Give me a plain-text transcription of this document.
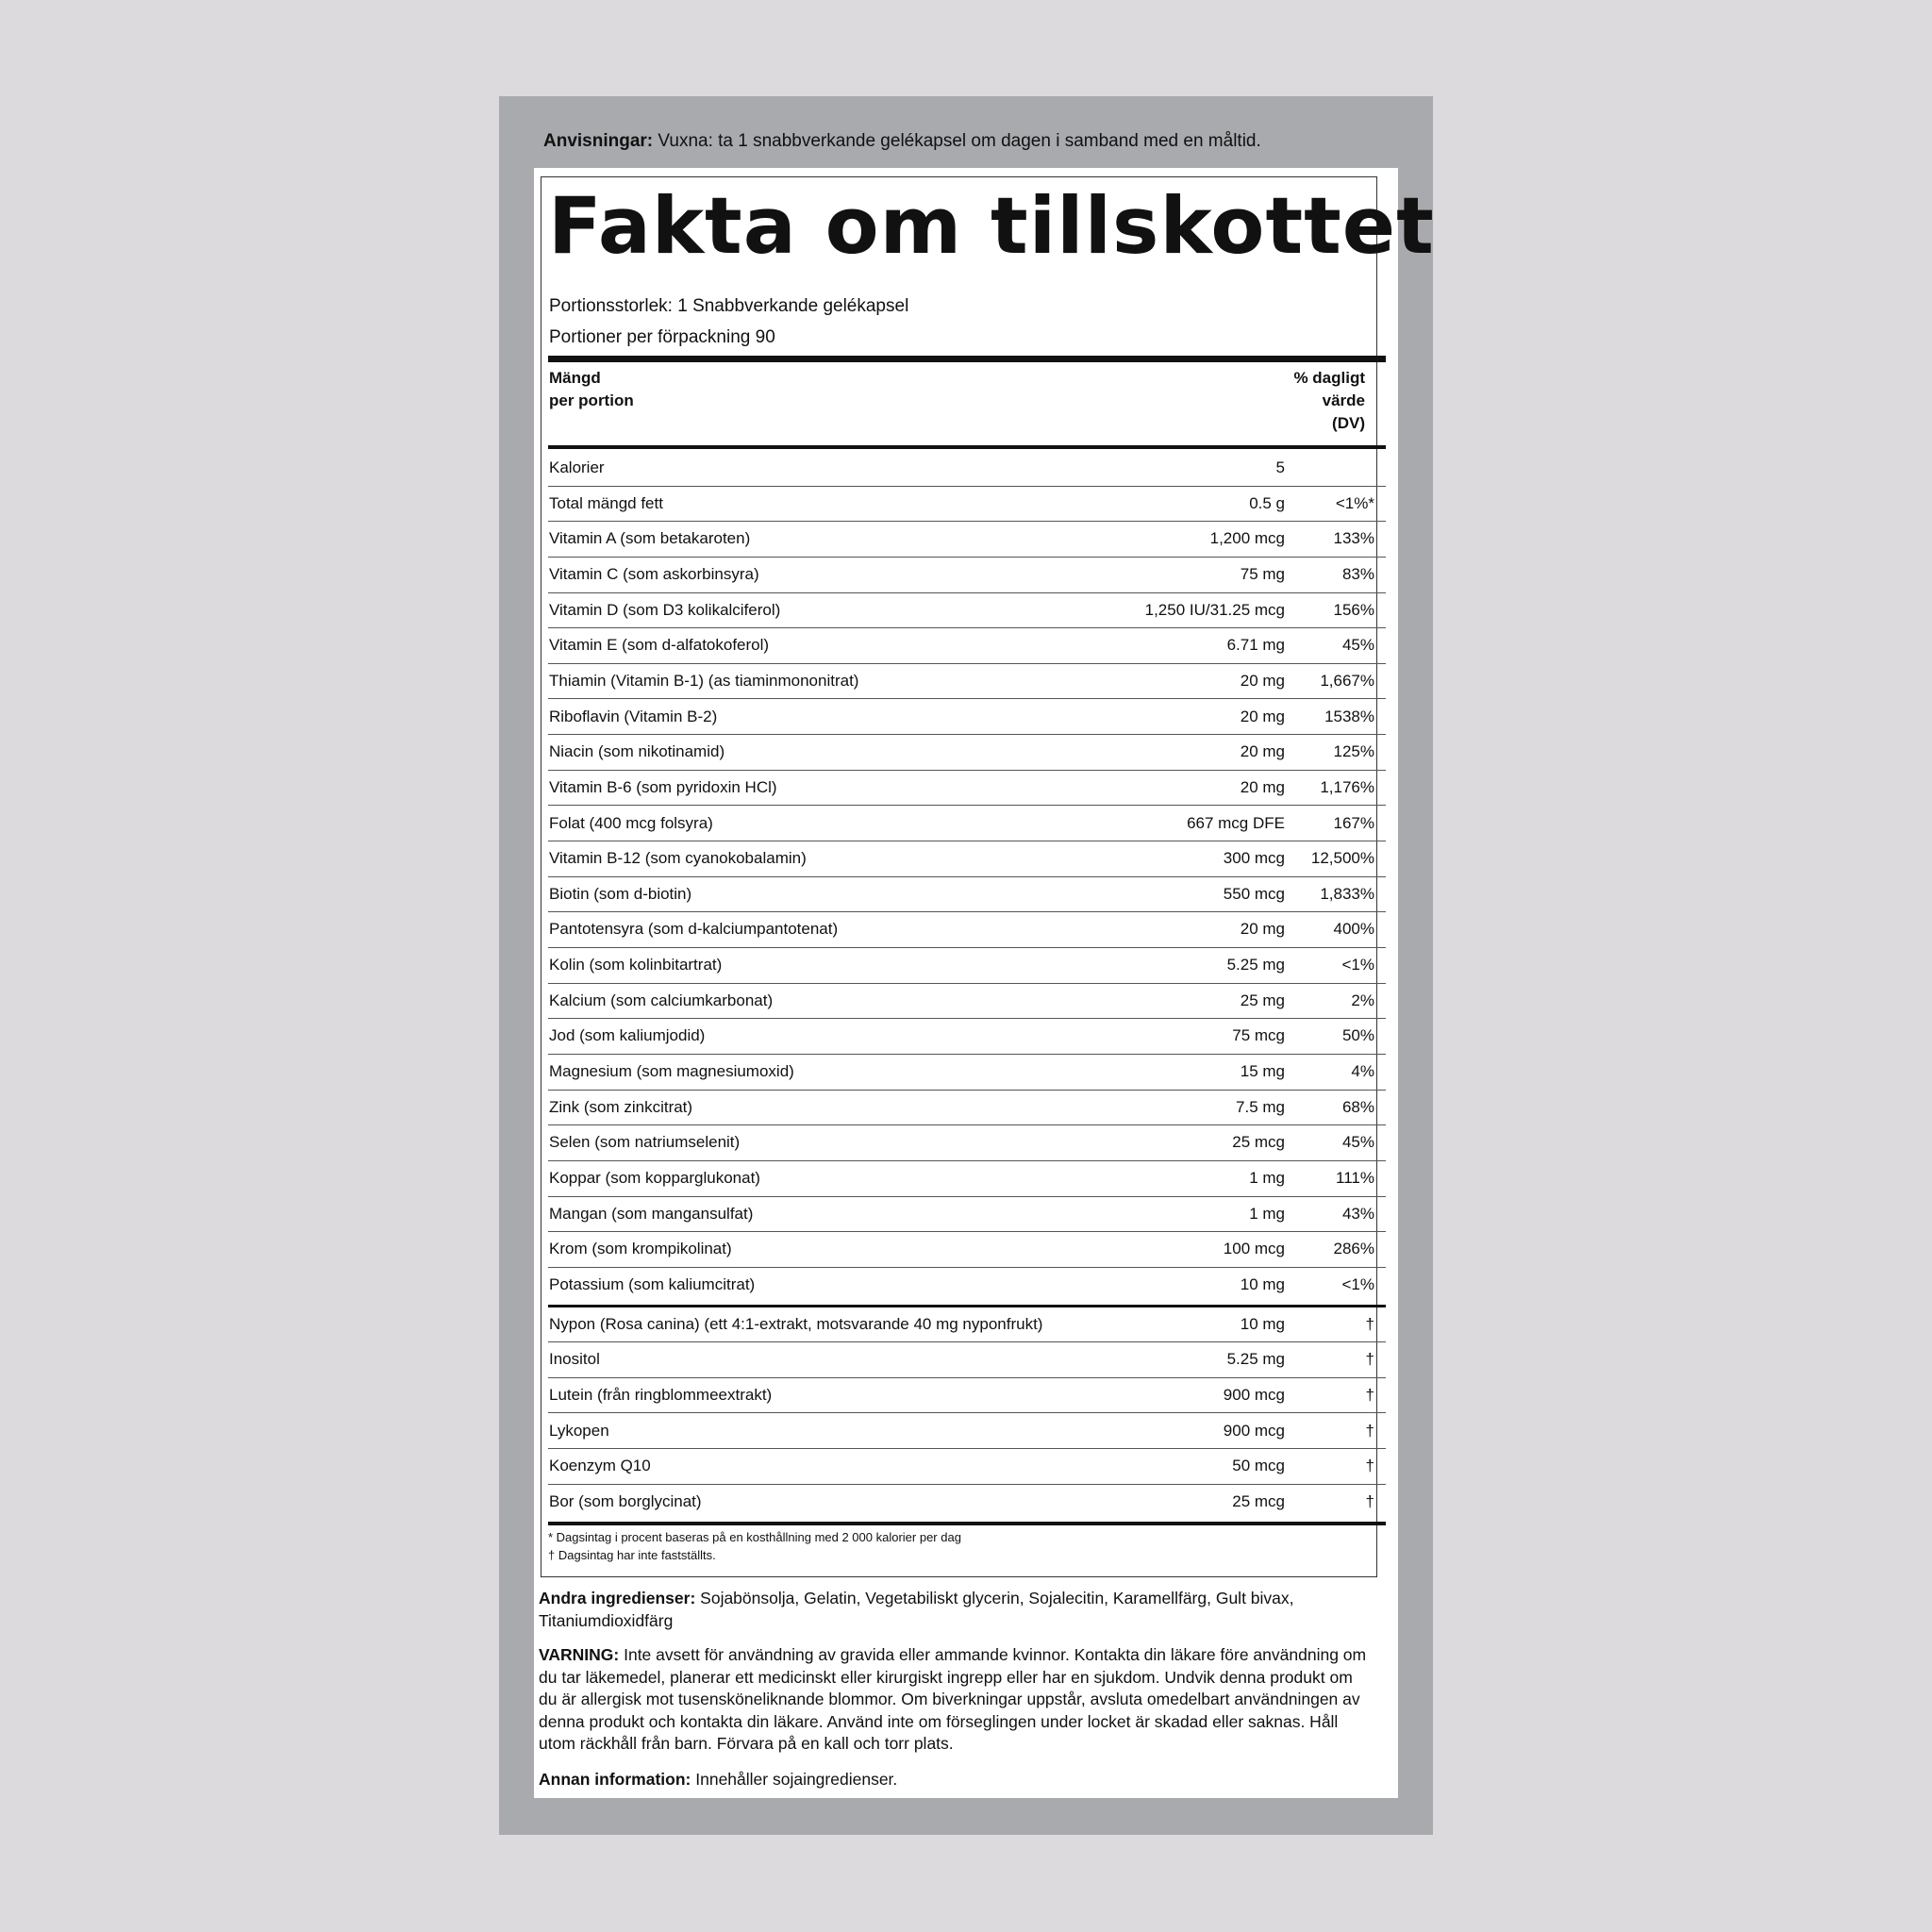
Anvisningar: Vuxna: ta 1 snabbverkande gelékapsel om dagen i samband med en måltid.
Fakta om tillskottet
Portionsstorlek: 1 Snabbverkande gelékapsel
Portioner per förpackning 90
Mängd
per portion
% dagligt
värde
(DV)
Kalorier	5
Total mängd fett	0.5 g	<1%*
Vitamin A (som betakaroten)	1,200 mcg	133%
Vitamin C (som askorbinsyra)	75 mg	83%
Vitamin D (som D3 kolikalciferol)	1,250 IU/31.25 mcg	156%
Vitamin E (som d-alfatokoferol)	6.71 mg	45%
Thiamin (Vitamin B-1) (as tiaminmononitrat)	20 mg 1,667%
Riboflavin (Vitamin B-2)	20 mg 1538%
Niacin (som nikotinamid)	20 mg	125%
Vitamin B-6 (som pyridoxin HCl)	20 mg 1,176%
Folat (400 mcg folsyra)	667 mcg DFE	167%
Vitamin B-12 (som cyanokobalamin)	300 mcg 12,500%
Biotin (som d-biotin)	550 mcg 1,833%
Pantotensyra (som d-kalciumpantotenat)	20 mg	400%
Kolin (som kolinbitartrat)	5.25 mg	<1%
Kalcium (som calciumkarbonat)	25 mg	2%
Jod (som kaliumjodid)	75 mcg	50%
Magnesium (som magnesiumoxid)	15 mg	4%
Zink (som zinkcitrat)	7.5 mg	68%
Selen (som natriumselenit)	25 mcg	45%
Koppar (som kopparglukonat)	1 mg	111%
Mangan (som mangansulfat)	1 mg	43%
Krom (som krompikolinat)	100 mcg	286%
Potassium (som kaliumcitrat)	10 mg	<1%
Nypon (Rosa canina) (ett 4:1-extrakt, motsvarande 40 mg nyponfrukt)	10 mg	†
Inositol	5.25 mg	†
Lutein (från ringblommeextrakt)	900 mcg	†
Lykopen	900 mcg	†
Koenzym Q10	50 mcg	†
Bor (som borglycinat)	25 mcg	†
* Dagsintag i procent baseras på en kosthållning med 2 000 kalorier per dag
† Dagsintag har inte fastställts.
Andra ingredienser: Sojabönsolja, Gelatin, Vegetabiliskt glycerin, Sojalecitin, Karamellfärg, Gult bivax, Titaniumdioxidfärg
VARNING: Inte avsett för användning av gravida eller ammande kvinnor. Kontakta din läkare före användning om du tar läkemedel, planerar ett medicinskt eller kirurgiskt ingrepp eller har en sjukdom. Undvik denna produkt om du är allergisk mot tusensköneliknande blommor. Om biverkningar uppstår, avsluta omedelbart användningen av denna produkt och kontakta din läkare. Använd inte om förseglingen under locket är skadad eller saknas. Håll utom räckhåll från barn. Förvara på en kall och torr plats.
Annan information: Innehåller sojaingredienser.
